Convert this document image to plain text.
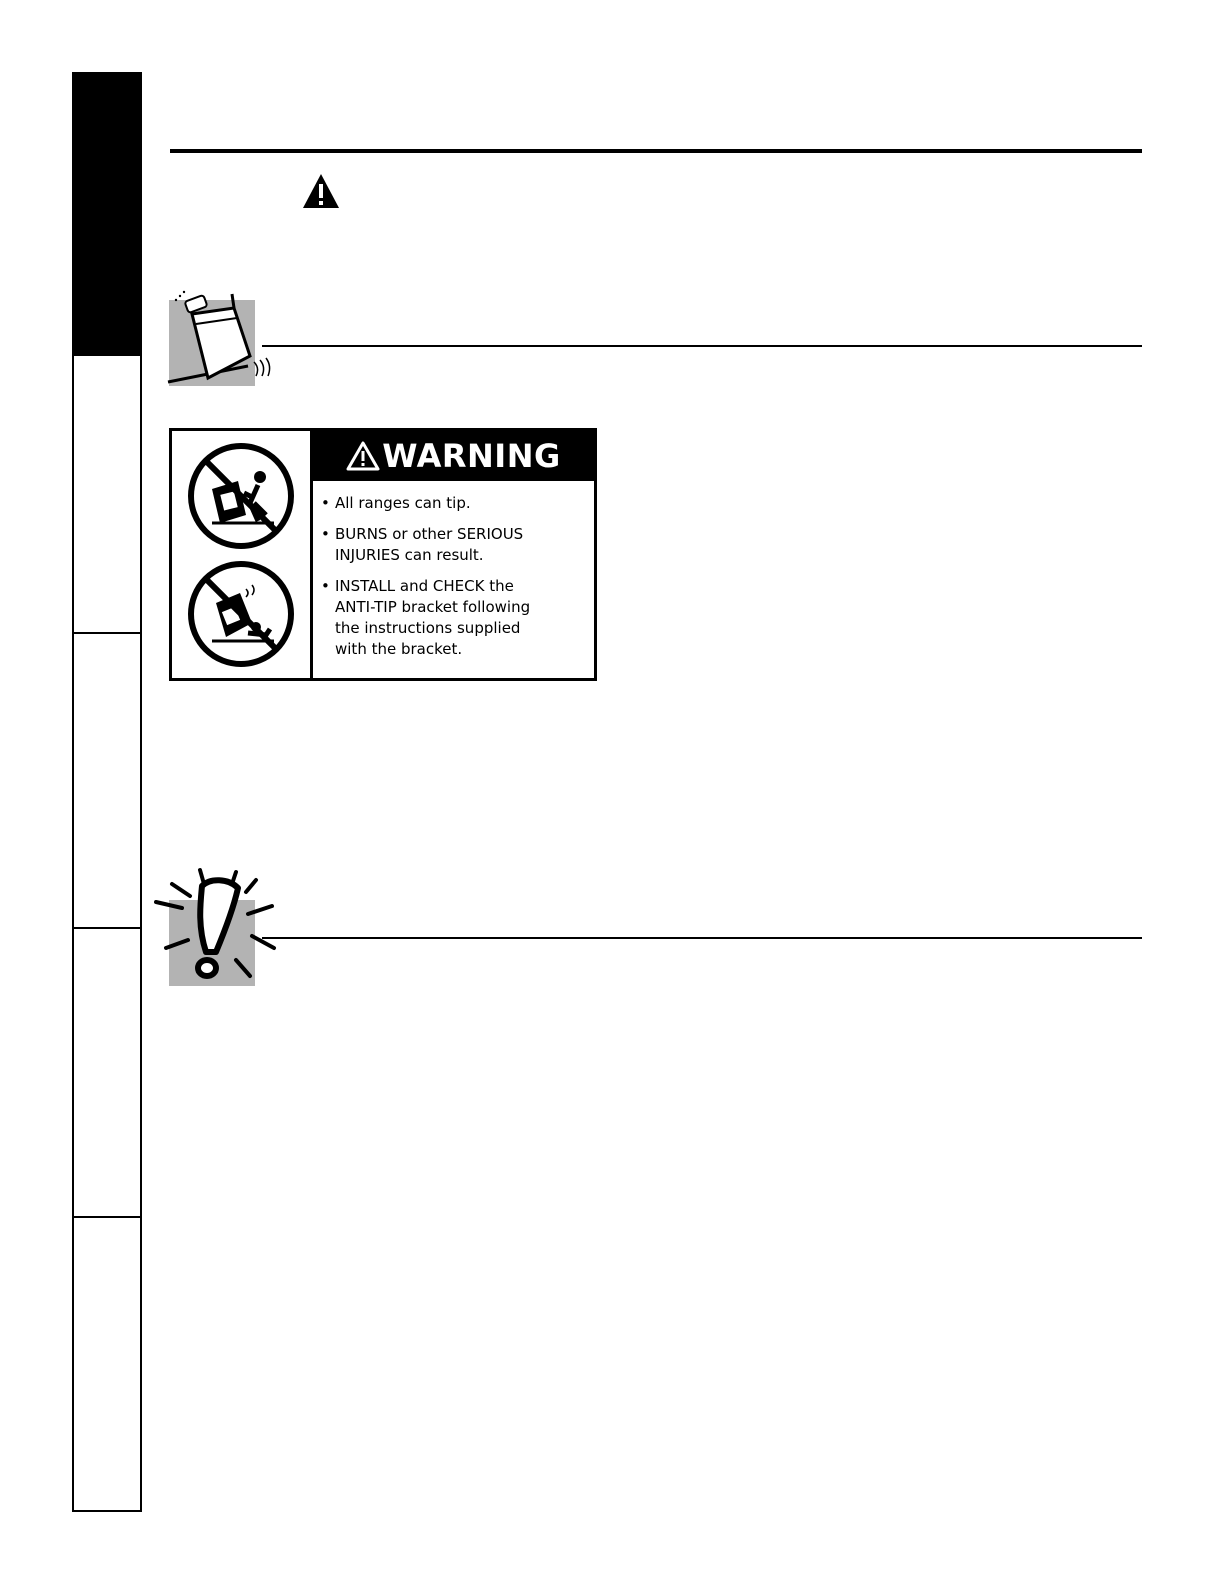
WARNING
• All ranges can tip.
• BURNS or other SERIOUS
INJURIES can result.
• INSTALL and CHECK the
ANTI-TIP bracket following
the instructions supplied
with the bracket.
